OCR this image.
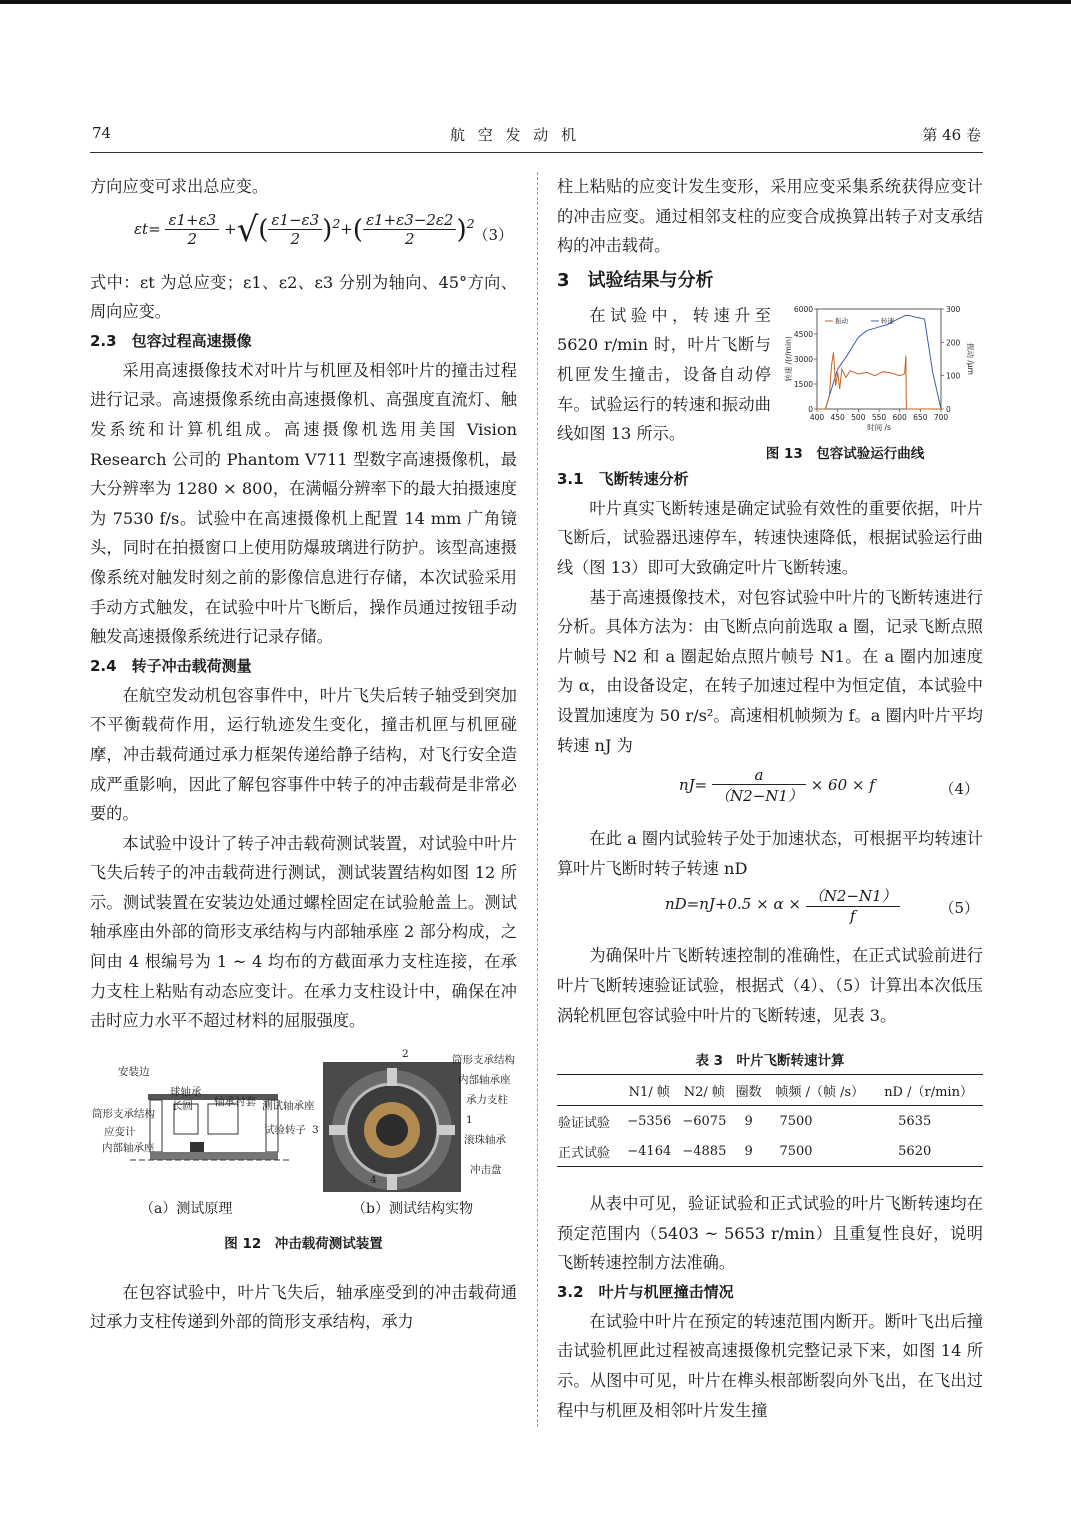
74	航 空 发 动 机	第 46 卷

方向应变可求出总应变。

$\varepsilon t= \frac{\varepsilon 1+\varepsilon 3}{2}$ +√( $\frac{\varepsilon 1-\varepsilon 3}{2} )^2+( \frac{\varepsilon 1+\varepsilon 3-2\varepsilon 2}{2} )^2$
（3）

式中：εt 为总应变；ε1、ε2、ε3 分别为轴向、45°方向、周向应变。

2.3　包容过程高速摄像

采用高速摄像技术对叶片与机匣及相邻叶片的撞击过程进行记录。高速摄像系统由高速摄像机、高强度直流灯、触发系统和计算机组成。高速摄像机选用美国 Vision Research 公司的 Phantom V711 型数字高速摄像机，最大分辨率为 1280 × 800，在满幅分辨率下的最大拍摄速度为 7530 f/s。试验中在高速摄像机上配置 14 mm 广角镜头，同时在拍摄窗口上使用防爆玻璃进行防护。该型高速摄像系统对触发时刻之前的影像信息进行存储，本次试验采用手动方式触发，在试验中叶片飞断后，操作员通过按钮手动触发高速摄像系统进行记录存储。

2.4　转子冲击载荷测量

在航空发动机包容事件中，叶片飞失后转子轴受到突加不平衡载荷作用，运行轨迹发生变化，撞击机匣与机匣碰摩，冲击载荷通过承力框架传递给静子结构，对飞行安全造成严重影响，因此了解包容事件中转子的冲击载荷是非常必要的。

本试验中设计了转子冲击载荷测试装置，对试验中叶片飞失后转子的冲击载荷进行测试，测试装置结构如图 12 所示。测试装置在安装边处通过螺栓固定在试验舱盖上。测试轴承座由外部的筒形支承结构与内部轴承座 2 部分构成，之间由 4 根编号为 1 ~ 4 均布的方截面承力支柱连接，在承力支柱上粘贴有动态应变计。在承力支柱设计中，确保在冲击时应力水平不超过材料的屈服强度。

安装边
球轴承
长圆
筒形支承结构
轴承衬套 测试轴承座
应变计	试验转子
内部轴承座
2	筒形支承结构
内部轴承座
承力支柱
3
1
滚珠轴承
4
冲击盘
（a）测试原理	（b）测试结构实物
图 12　冲击载荷测试装置

在包容试验中，叶片飞失后，轴承座受到的冲击载荷通过承力支柱传递到外部的筒形支承结构，承力

柱上粘贴的应变计发生变形，采用应变采集系统获得应变计的冲击应变。通过相邻支柱的应变合成换算出转子对支承结构的冲击载荷。

3　试验结果与分析

在试验中，转速升至 5620 r/min 时，叶片飞断与机匣发生撞击，设备自动停车。试验运行的转速和振动曲线如图 13 所示。

400 450 500 550 600 650 700
0
1500
3000
4500
6000
0
100
200
300
时间 /s
转速 /(r/min)	振动 /μm
振动	转速
图 13　包容试验运行曲线
3.1　飞断转速分析

叶片真实飞断转速是确定试验有效性的重要依据，叶片飞断后，试验器迅速停车，转速快速降低，根据试验运行曲线（图 13）即可大致确定叶片飞断转速。

基于高速摄像技术，对包容试验中叶片的飞断转速进行分析。具体方法为：由飞断点向前选取 a 圈，记录飞断点照片帧号 N2 和 a 圈起始点照片帧号 N1。在 a 圈内加速度为 α，由设备设定，在转子加速过程中为恒定值，本试验中设置加速度为 50 r/s²。高速相机帧频为 f。a 圈内叶片平均转速 nJ 为

$nJ= \frac{a}{(N2-N1)} \times 60 \times f$	（4）

在此 a 圈内试验转子处于加速状态，可根据平均转速计算叶片飞断时转子转速 nD

$nD=nJ+0.5 \times \alpha \times \frac{(N2-N1)}{f}$	（5）

为确保叶片飞断转速控制的准确性，在正式试验前进行叶片飞断转速验证试验，根据式（4）、（5）计算出本次低压涡轮机匣包容试验中叶片的飞断转速，见表 3。

表 3　叶片飞断转速计算
	N1/ 帧	N2/ 帧	圈数	帧频 /（帧 /s）	nD /（r/min）
验证试验	−5356	−6075	9	7500	5635
正式试验	−4164	−4885	9	7500	5620

从表中可见，验证试验和正式试验的叶片飞断转速均在预定范围内（5403 ~ 5653 r/min）且重复性良好，说明飞断转速控制方法准确。

3.2　叶片与机匣撞击情况

在试验中叶片在预定的转速范围内断开。断叶飞出后撞击试验机匣此过程被高速摄像机完整记录下来，如图 14 所示。从图中可见，叶片在榫头根部断裂向外飞出，在飞出过程中与机匣及相邻叶片发生撞
